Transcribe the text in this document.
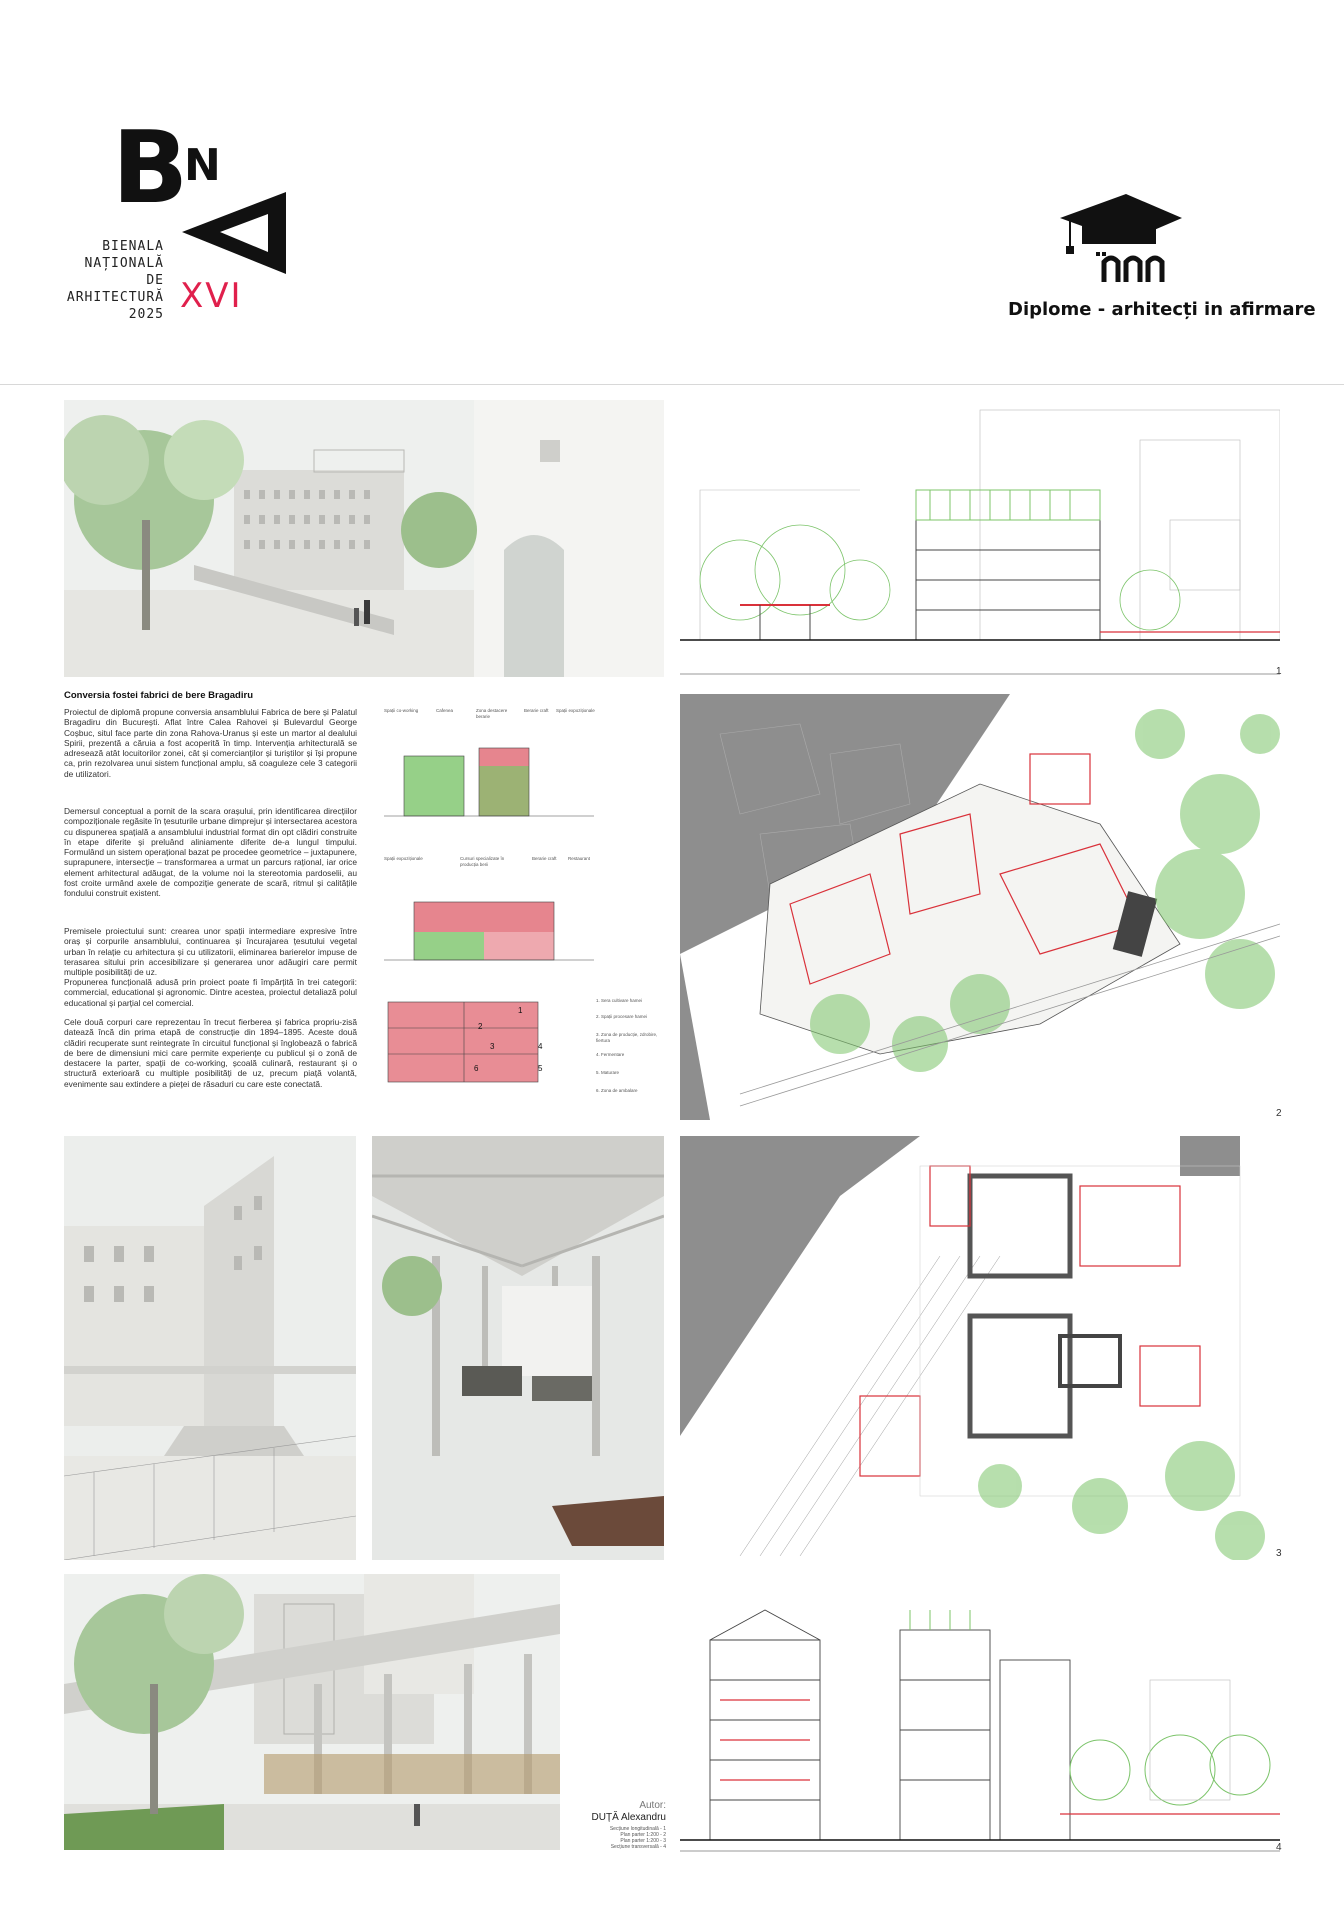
B
N
BIENALA
NAȚIONALĂ
DE
ARHITECTURĂ
2025 XVI	Diplome - arhitecți in afirmare
1
Conversia fostei fabrici de bere Bragadiru
Proiectul de diplomă propune conversia ansamblului Fabrica de bere și Palatul Bragadiru din București. Aflat între Calea Rahovei și Bulevardul George Coșbuc, situl face parte din zona Rahova-Uranus și este un martor al dealului Spirii, prezentă a căruia a fost acoperită în timp. Intervenția arhitecturală se adresează atât locuitorilor zonei, cât și comercianților și turiștilor și își propune ca, prin rezolvarea unui sistem funcțional amplu, să coaguleze cele 3 categorii de utilizatori.
Demersul conceptual a pornit de la scara orașului, prin identificarea direcțiilor compoziționale regăsite în țesuturile urbane dimprejur și intersectarea acestora cu dispunerea spațială a ansamblului industrial format din opt clădiri construite în etape diferite și preluând aliniamente diferite de-a lungul timpului. Formulând un sistem operațional bazat pe procedee geometrice – juxtapunere, suprapunere, intersecție – transformarea a urmat un parcurs rațional, iar orice element arhitectural adăugat, de la volume noi la stereotomia pardoselii, au fost croite urmând axele de compoziție generate de scară, ritmul și calitățile fondului construit existent.
Premisele proiectului sunt: crearea unor spații intermediare expresive între oraș și corpurile ansamblului, continuarea și încurajarea țesutului vegetal urban în relație cu arhitectura și cu utilizatorii, eliminarea barierelor impuse de terasarea sitului prin accesibilizare și generarea unor adăugiri care permit multiple posibilități de uz.
Propunerea funcțională adusă prin proiect poate fi împărțită în trei categorii: commercial, educational și agronomic. Dintre acestea, proiectul detaliază polul educational și parțial cel comercial.
Cele două corpuri care reprezentau în trecut fierberea și fabrica propriu-zisă datează încă din prima etapă de construcție din 1894–1895. Aceste două clădiri recuperate sunt reintegrate în circuitul funcțional și înglobează o fabrică de bere de dimensiuni mici care permite experiențe cu publicul și o zonă de destacere la parter, spații de co-working, școală culinară, restaurant și o structură exterioară cu multiple posibilități de uz, precum piață volantă, evenimente sau extindere a pieței de răsaduri cu care este conectată.
Spații co-working	Cafenea	Zona destacere berarie
Berarie craft	Spații expoziționale
Spații expoziționale	Cursuri specializate în producția berii
Berarie craft	Restaurant
1
2
3	4
5
6
1. Sera cultivare hamei
2. Spații procesare hamei
3. Zona de producție, zdrobire, fiertura
4. Fermentare
5. Maturare
6. Zona de ambalare
2
3
Autor:
DUȚĂ Alexandru
Secțiune longitudinală - 1
Plan parter 1:200 - 2
Plan parter 1:200 - 3
Secțiune transversală - 4	4
